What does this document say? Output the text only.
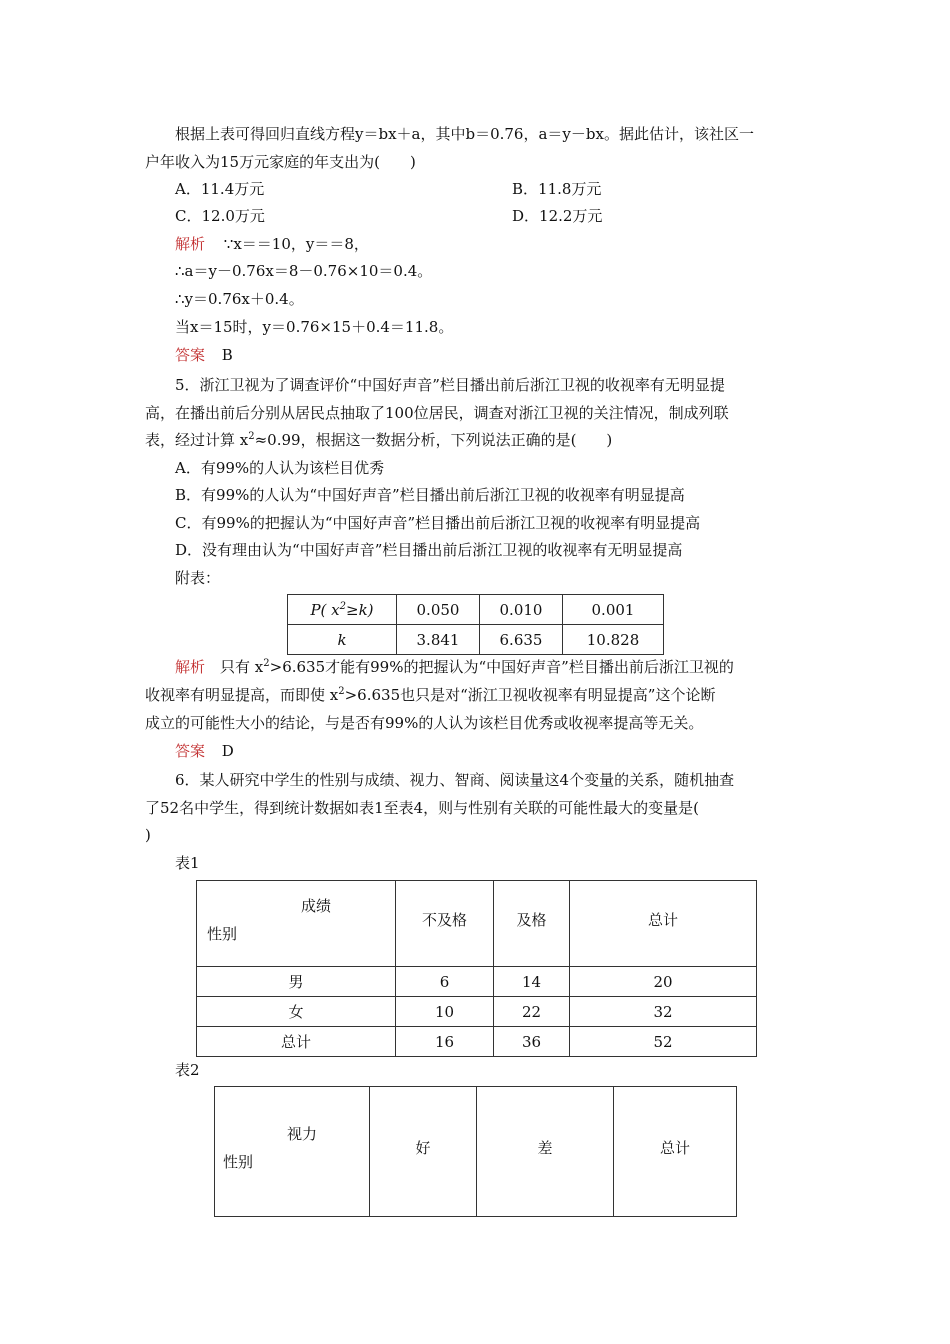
根据上表可得回归直线方程y＝bx＋a，其中b＝0.76，a＝y－bx。据此估计，该社区一
户年收入为15万元家庭的年支出为(　　)
A．11.4万元	B．11.8万元
C．12.0万元	D．12.2万元
解析 ∵x＝＝10，y＝＝8，
∴a＝y－0.76x＝8－0.76×10＝0.4。
∴y＝0.76x＋0.4。
当x＝15时，y＝0.76×15＋0.4＝11.8。
答案 B
5．浙江卫视为了调查评价“中国好声音”栏目播出前后浙江卫视的收视率有无明显提
高，在播出前后分别从居民点抽取了100位居民，调查对浙江卫视的关注情况，制成列联
表，经过计算 $x^2\approx 0.99$，根据这一数据分析，下列说法正确的是(　　)
A．有99%的人认为该栏目优秀
B．有99%的人认为“中国好声音”栏目播出前后浙江卫视的收视率有明显提高
C．有99%的把握认为“中国好声音”栏目播出前后浙江卫视的收视率有明显提高
D．没有理由认为“中国好声音”栏目播出前后浙江卫视的收视率有无明显提高
附表：
P( $x^2\ge k$)	0.050	0.010	0.001
k	3.841	6.635	10.828
解析　只有 $x^2>6.635$才能有99%的把握认为“中国好声音”栏目播出前后浙江卫视的
收视率有明显提高，而即使 $x^2>6.635$也只是对“浙江卫视收视率有明显提高”这个论断
成立的可能性大小的结论，与是否有99%的人认为该栏目优秀或收视率提高等无关。
答案 D
6．某人研究中学生的性别与成绩、视力、智商、阅读量这4个变量的关系，随机抽查
了52名中学生，得到统计数据如表1至表4，则与性别有关联的可能性最大的变量是(
)
表1
成绩
性别	不及格	及格	总计
男	6	14	20
女	10	22	32
总计	16	36	52
表2
视力
性别
	好	差	总计
